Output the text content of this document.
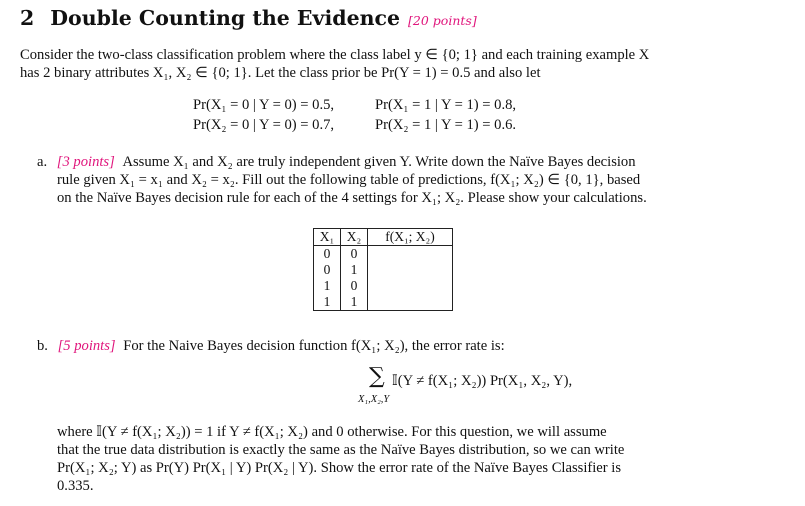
2 Double Counting the Evidence [20 points]
Consider the two-class classification problem where the class label y ∈ {0; 1} and each training example X
has 2 binary attributes X₁, X₂ ∈ {0; 1}. Let the class prior be Pr(Y = 1) = 0.5 and also let
Pr(X₁ = 0 | Y = 0) = 0.5,	Pr(X₁ = 1 | Y = 1) = 0.8,
Pr(X₂ = 0 | Y = 0) = 0.7,	Pr(X₂ = 1 | Y = 1) = 0.6.
a. [3 points] Assume X₁ and X₂ are truly independent given Y. Write down the Naïve Bayes decision
rule given X₁ = x₁ and X₂ = x₂. Fill out the following table of predictions, f(X₁; X₂) ∈ {0, 1}, based
on the Naïve Bayes decision rule for each of the 4 settings for X₁; X₂. Please show your calculations.
X₁	X₂	f(X₁; X₂)
0	0	
0	1	
1	0	
1	1	
b. [5 points] For the Naive Bayes decision function f(X₁; X₂), the error rate is:
∑ 𝕀(Y ≠ f(X₁; X₂)) Pr(X₁, X₂, Y),
X₁,X₂,Y
where 𝕀(Y ≠ f(X₁; X₂)) = 1 if Y ≠ f(X₁; X₂) and 0 otherwise. For this question, we will assume
that the true data distribution is exactly the same as the Naïve Bayes distribution, so we can write
Pr(X₁; X₂; Y) as Pr(Y) Pr(X₁ | Y) Pr(X₂ | Y). Show the error rate of the Naïve Bayes Classifier is
0.335.
